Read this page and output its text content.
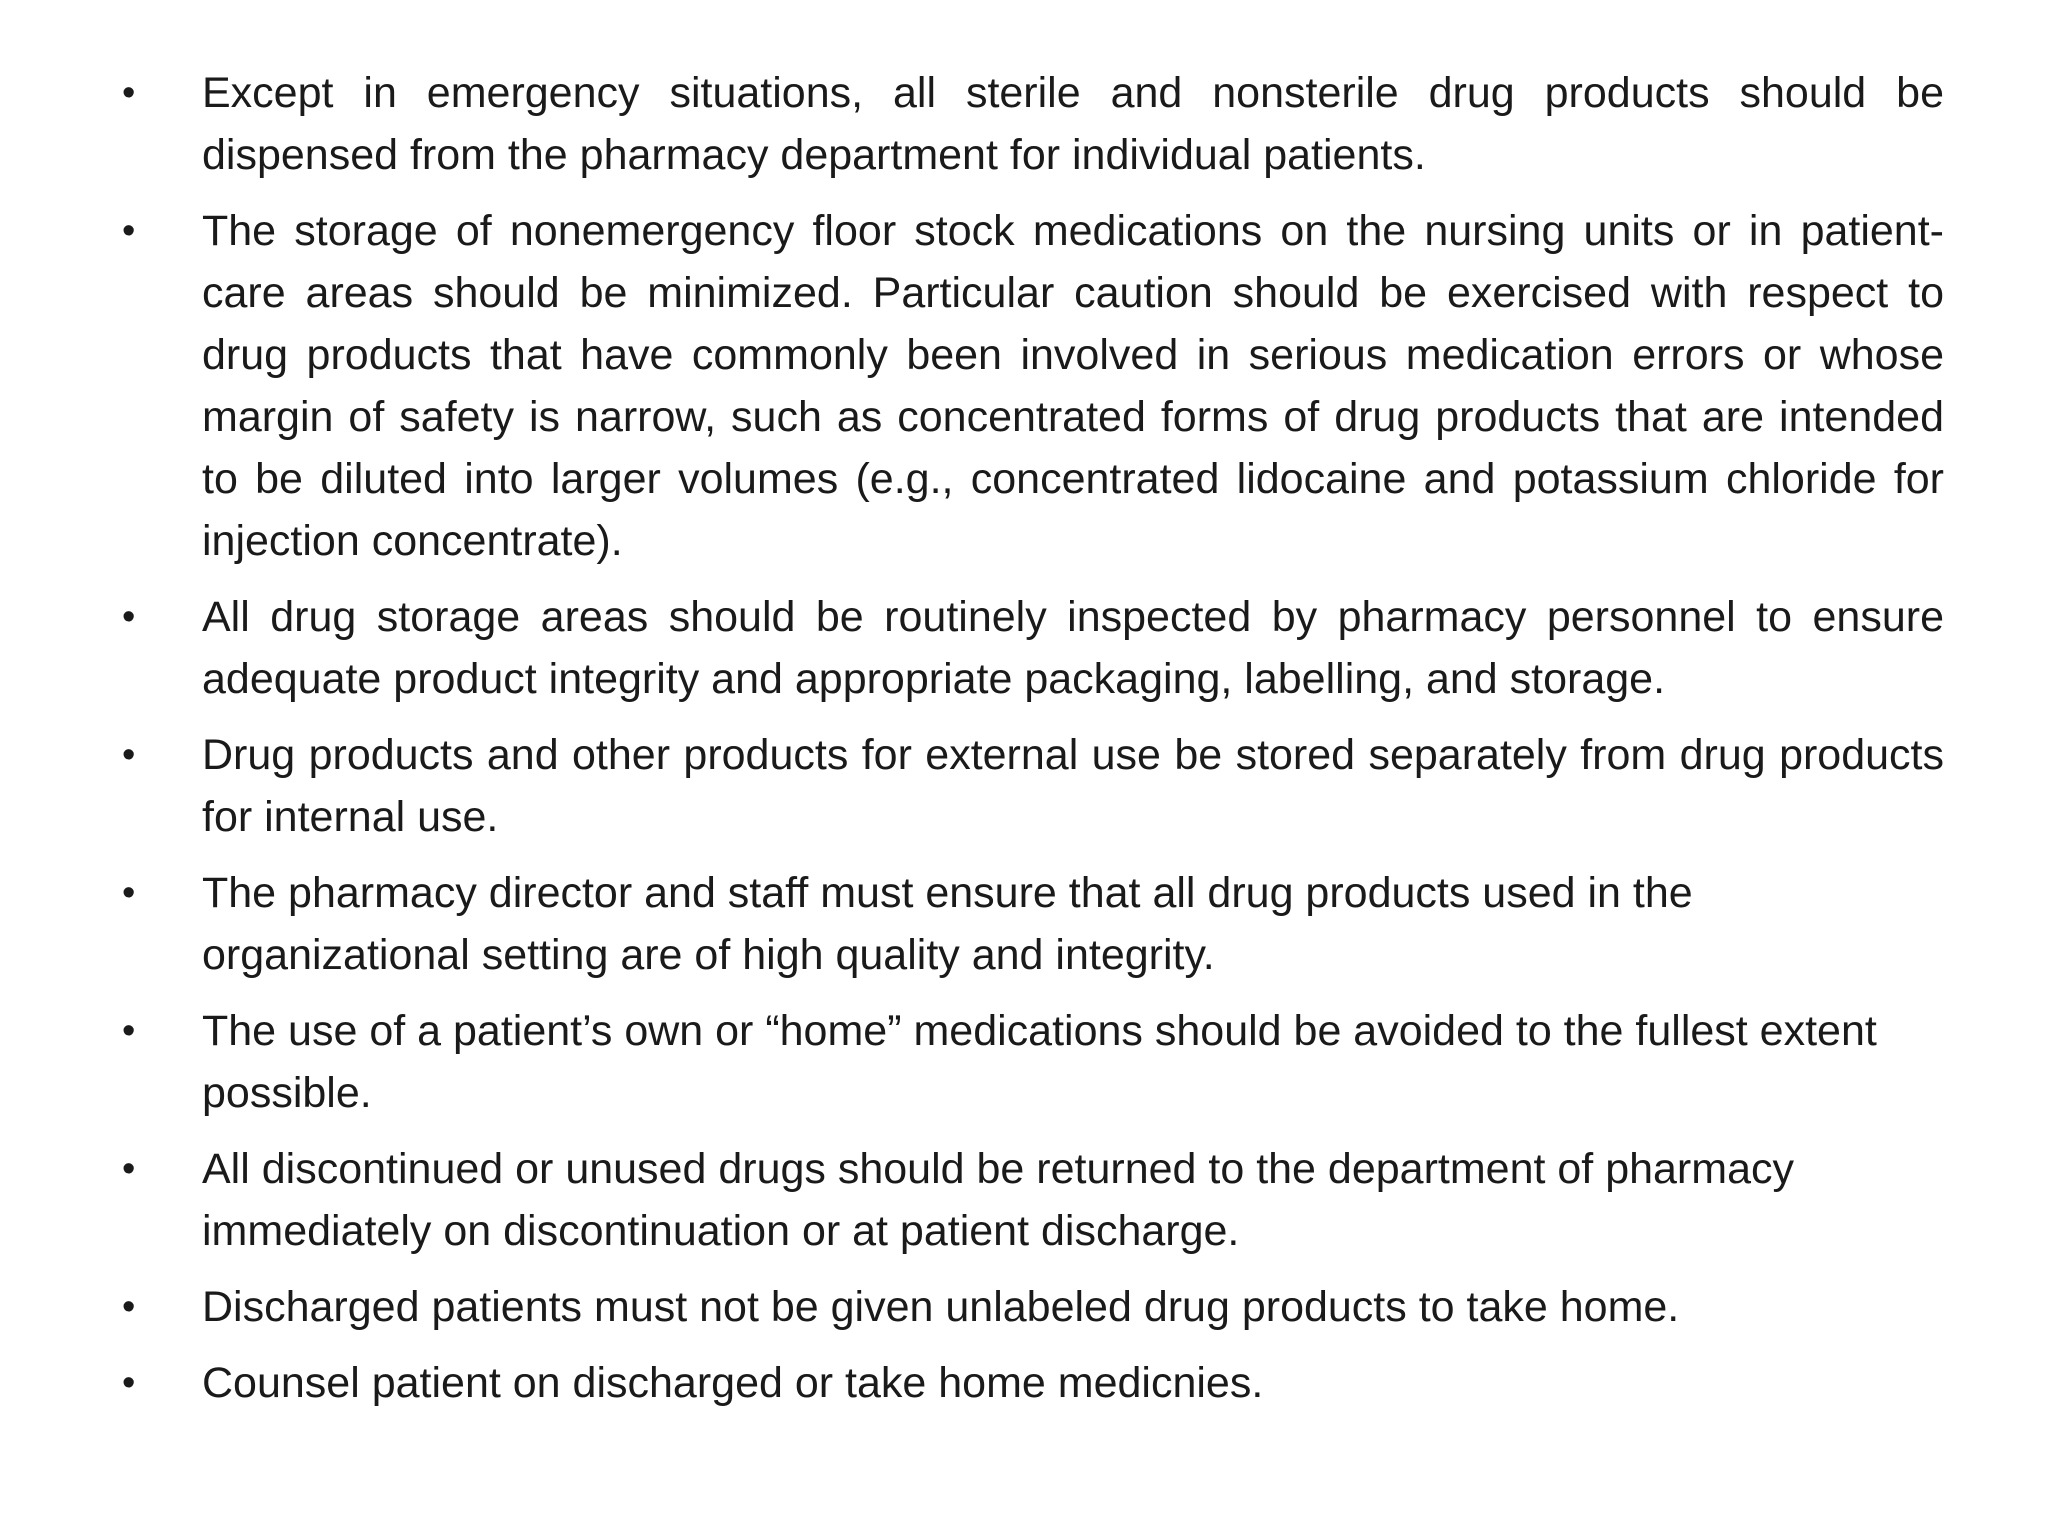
•	Except in emergency situations, all sterile and nonsterile drug products should be dispensed from the pharmacy department for individual patients.
•	The storage of nonemergency floor stock medications on the nursing units or in patient-care areas should be minimized. Particular caution should be exercised with respect to drug products that have commonly been involved in serious medication errors or whose margin of safety is narrow, such as concentrated forms of drug products that are intended to be diluted into larger volumes (e.g., concentrated lidocaine and potassium chloride for injection concentrate).
•	All drug storage areas should be routinely inspected by pharmacy personnel to ensure adequate product integrity and appropriate packaging, labelling, and storage.
•	Drug products and other products for external use be stored separately from drug products for internal use.
•	The pharmacy director and staff must ensure that all drug products used in the organizational setting are of high quality and integrity.
•	The use of a patient’s own or “home” medications should be avoided to the fullest extent possible.
•	All discontinued or unused drugs should be returned to the department of pharmacy immediately on discontinuation or at patient discharge.
•	Discharged patients must not be given unlabeled drug products to take home.
•	Counsel patient on discharged or take home medicnies.
